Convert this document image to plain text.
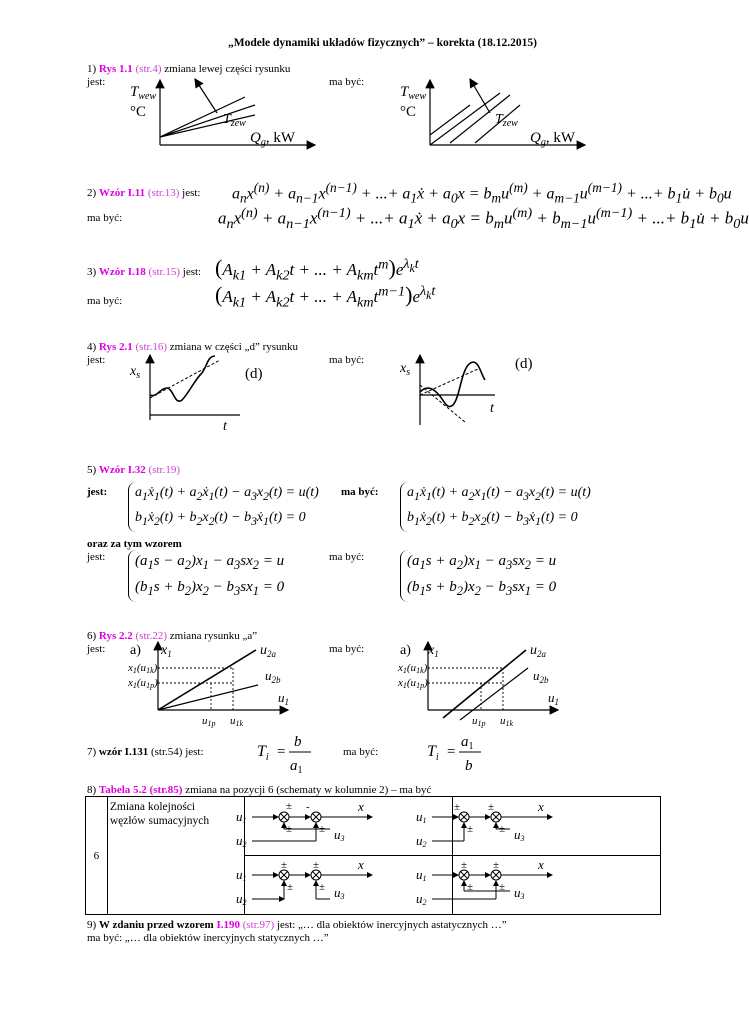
„Modele dynamiki układów fizycznych” – korekta (18.12.2015)
1) Rys 1.1 (str.4) zmiana lewej części rysunku
jest:	ma być:
$T_{wew}$
°C	$T_{zew}$
$Q_g$, kW
$T_{wew}$
°C	$T_{zew}$
$Q_g$, kW
2) Wzór I.11 (str.13) jest: $a_nx^{(n)} + a_{n-1}x^{(n-1)}$ + ...+ $a_1ẋ + a_0x = b_mu^{(m)} + a_{m-1}u^{(m-1)}$ + ...+ $b_1u̇ + b_0u$
ma być:	$a_nx^{(n)} + a_{n-1}x^{(n-1)}$ + ...+ $a_1ẋ + a_0x = b_mu^{(m)} + b_{m-1}u^{(m-1)}$ + ...+ $b_1u̇ + b_0u$
3) Wzór I.18 (str.15) jest: ($A_{k1} + A_{k2}t$ + ... + $A_{km}t^m)e^{\lambda_kt}$
ma być:	($A_{k1} + A_{k2}t$ + ... + $A_{km}t^{m-1})e^{\lambda_kt}$
4) Rys 2.1 (str.16) zmiana w części „d” rysunku
jest:	ma być:
$x_s$
t
(d)	$x_s$
t
(d)
5) Wzór I.32 (str.19)
jest:	ma być:
$a_1ẋ_1(t)$ + $a_2ẋ_1(t) - a_3x_2(t) = u(t)$
$b_1ẋ_2(t) + b_2x_2(t)$ − $b_3ẋ_1(t) = 0$
$a_1ẋ_1(t) + a_2x_1(t) - a_3x_2(t) = u(t)$
$b_1ẋ_2(t) + b_2x_2(t)$ − $b_3ẋ_1(t) = 0$
oraz za tym wzorem
jest:	ma być:
$(a_1s - a_2)x_1 - a_3sx_2 = u$
$(b_1s + b_2)x_2 - b_3sx_1 = 0$
$(a_1s + a_2)x_1 - a_3sx_2 = u$
$(b_1s + b_2)x_2 - b_3sx_1 = 0$
6) Rys 2.2 (str.22) zmiana rysunku „a”
jest:	ma być:
a) $x_1$	$u_{2a}$
$u_{2b}$
$u_1$
x1(u1k)
x1(u1p)
u1p u1k
a) $x_1$	$u_{2a}$
$u_{2b}$
$u_1$
x1(u1k)
x1(u1p)
u1p u1k
7) wzór I.131 (str.54) jest:	$T_i$ =
b
$a_1$
ma być:	$T_i$ =
$a_1$
b
8) Tabela 5.2 (str.85) zmiana na pozycji 6 (schematy w kolumnie 2) – ma być
6	Zmiana kolejności
węzłów sumacyjnych		
	u1
x
u2
u3
±
±
-
±
u1
x
u2
u3
±
±
±
±
u1
x
u2
u3
±
±
±
±
u1
x
u2
u3
±
±
±
±
9) W zdaniu przed wzorem I.190 (str.97) jest: „… dla obiektów inercyjnych astatycznych …”
ma być: „… dla obiektów inercyjnych statycznych …”
